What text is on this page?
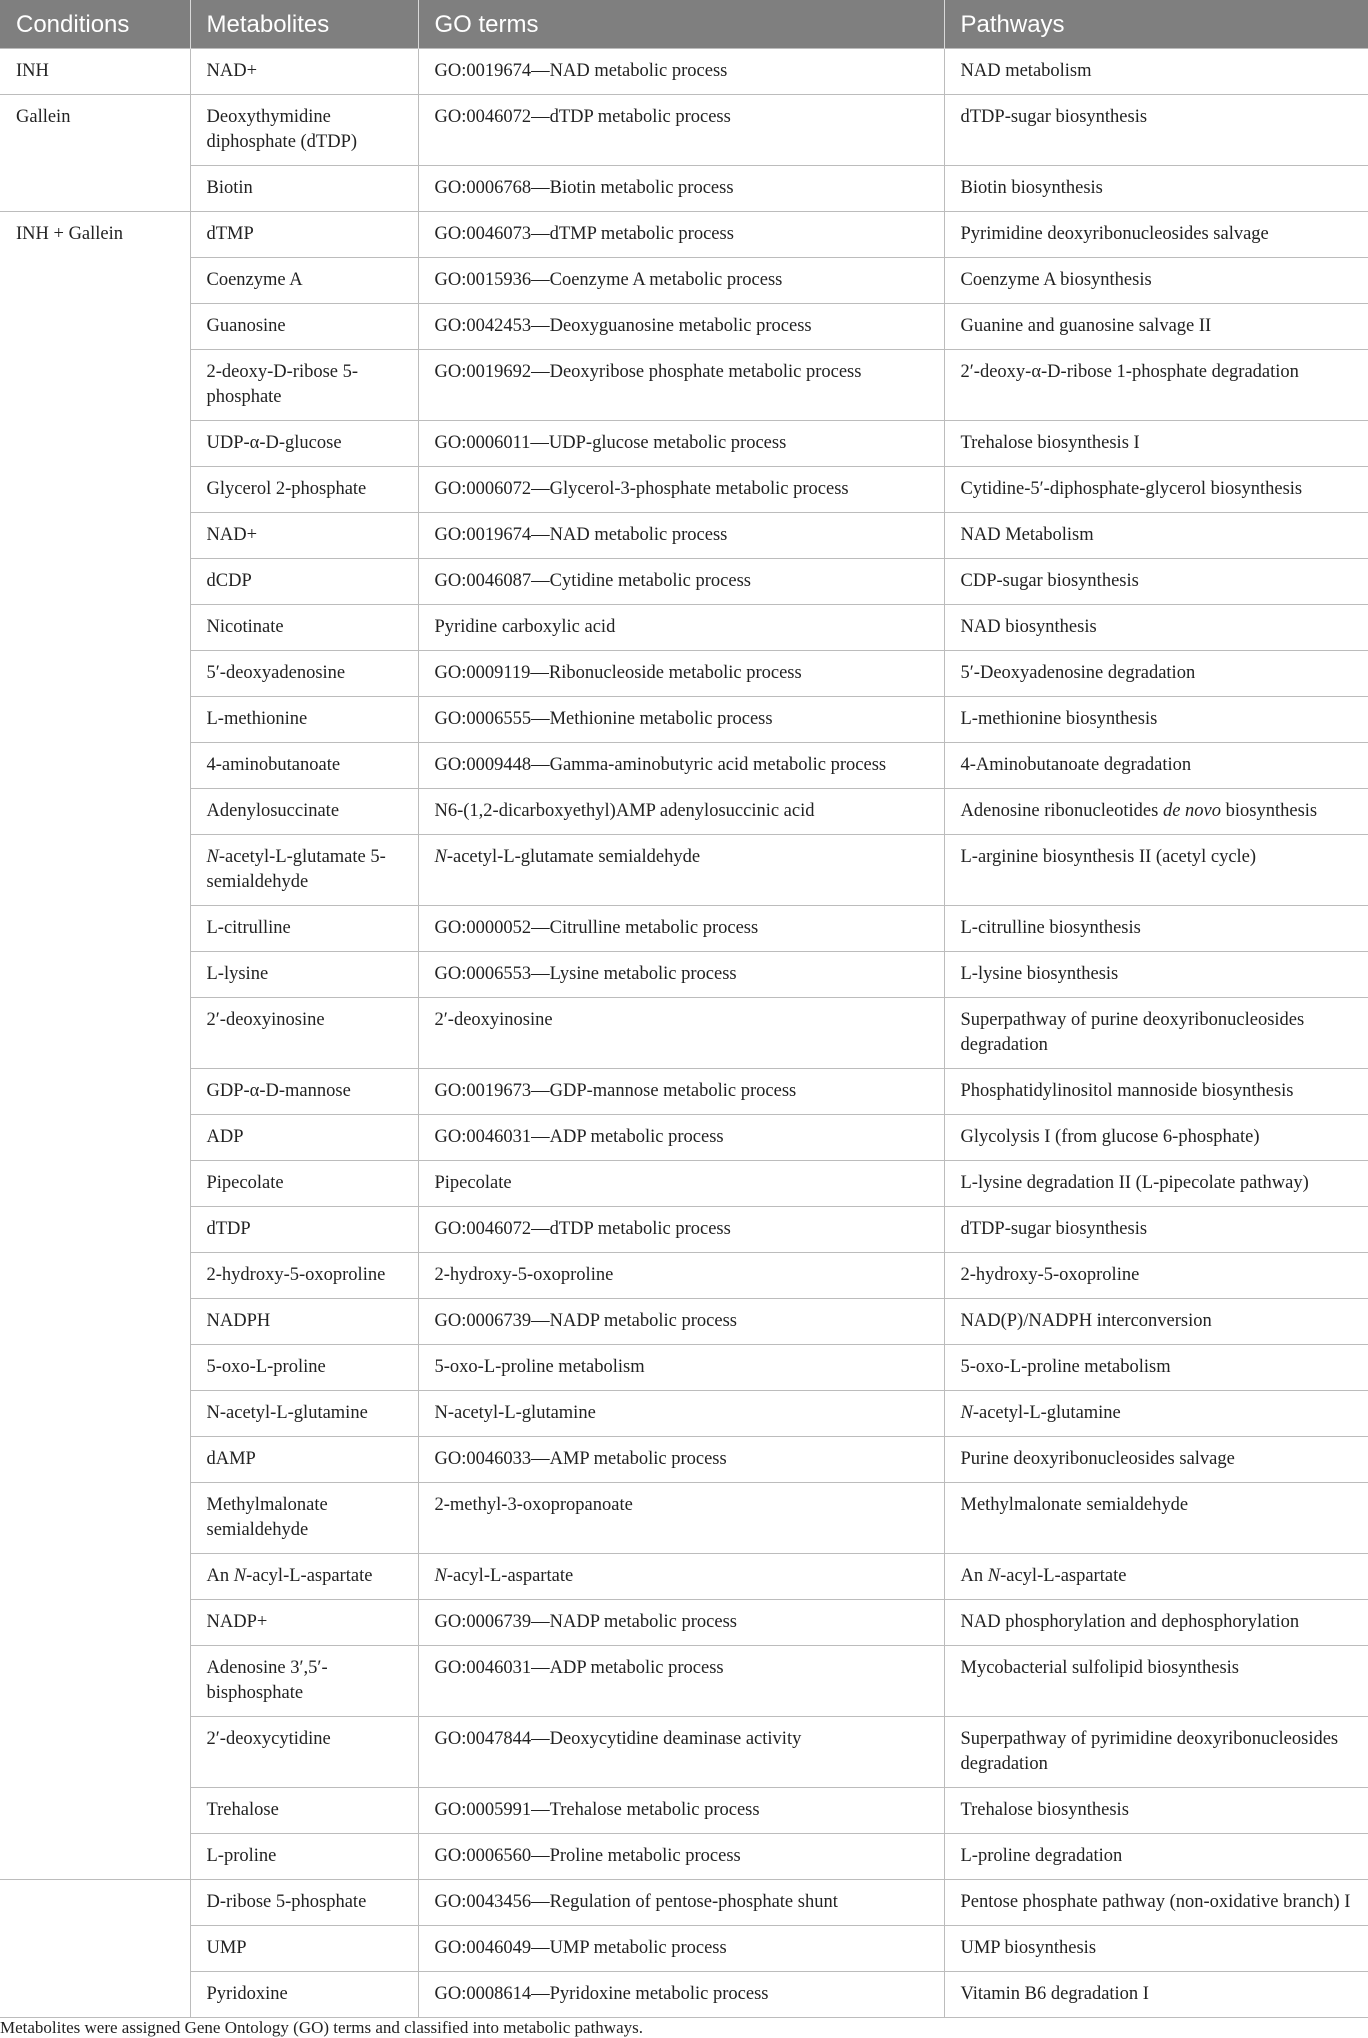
Conditions	Metabolites	GO terms	Pathways
INH	NAD+	GO:0019674—NAD metabolic process	NAD metabolism
Gallein	Deoxythymidine diphosphate (dTDP)	GO:0046072—dTDP metabolic process	dTDP-sugar biosynthesis
	Biotin	GO:0006768—Biotin metabolic process	Biotin biosynthesis
INH + Gallein	dTMP	GO:0046073—dTMP metabolic process	Pyrimidine deoxyribonucleosides salvage
	Coenzyme A	GO:0015936—Coenzyme A metabolic process	Coenzyme A biosynthesis
	Guanosine	GO:0042453—Deoxyguanosine metabolic process	Guanine and guanosine salvage II
	2-deoxy-D-ribose 5-phosphate	GO:0019692—Deoxyribose phosphate metabolic process	2′-deoxy-α-D-ribose 1-phosphate degradation
	UDP-α-D-glucose	GO:0006011—UDP-glucose metabolic process	Trehalose biosynthesis I
	Glycerol 2-phosphate	GO:0006072—Glycerol-3-phosphate metabolic process	Cytidine-5′-diphosphate-glycerol biosynthesis
	NAD+	GO:0019674—NAD metabolic process	NAD Metabolism
	dCDP	GO:0046087—Cytidine metabolic process	CDP-sugar biosynthesis
	Nicotinate	Pyridine carboxylic acid	NAD biosynthesis
	5′-deoxyadenosine	GO:0009119—Ribonucleoside metabolic process	5′-Deoxyadenosine degradation
	L-methionine	GO:0006555—Methionine metabolic process	L-methionine biosynthesis
	4-aminobutanoate	GO:0009448—Gamma-aminobutyric acid metabolic process	4-Aminobutanoate degradation
	Adenylosuccinate	N6-(1,2-dicarboxyethyl)AMP adenylosuccinic acid	Adenosine ribonucleotides de novo biosynthesis
	N-acetyl-L-glutamate 5-semialdehyde	N-acetyl-L-glutamate semialdehyde	L-arginine biosynthesis II (acetyl cycle)
	L-citrulline	GO:0000052—Citrulline metabolic process	L-citrulline biosynthesis
	L-lysine	GO:0006553—Lysine metabolic process	L-lysine biosynthesis
	2′-deoxyinosine	2′-deoxyinosine	Superpathway of purine deoxyribonucleosides degradation
	GDP-α-D-mannose	GO:0019673—GDP-mannose metabolic process	Phosphatidylinositol mannoside biosynthesis
	ADP	GO:0046031—ADP metabolic process	Glycolysis I (from glucose 6-phosphate)
	Pipecolate	Pipecolate	L-lysine degradation II (L-pipecolate pathway)
	dTDP	GO:0046072—dTDP metabolic process	dTDP-sugar biosynthesis
	2-hydroxy-5-oxoproline	2-hydroxy-5-oxoproline	2-hydroxy-5-oxoproline
	NADPH	GO:0006739—NADP metabolic process	NAD(P)/NADPH interconversion
	5-oxo-L-proline	5-oxo-L-proline metabolism	5-oxo-L-proline metabolism
	N-acetyl-L-glutamine	N-acetyl-L-glutamine	N-acetyl-L-glutamine
	dAMP	GO:0046033—AMP metabolic process	Purine deoxyribonucleosides salvage
	Methylmalonate semialdehyde	2-methyl-3-oxopropanoate	Methylmalonate semialdehyde
	An N-acyl-L-aspartate	N-acyl-L-aspartate	An N-acyl-L-aspartate
	NADP+	GO:0006739—NADP metabolic process	NAD phosphorylation and dephosphorylation
	Adenosine 3′,5′-bisphosphate	GO:0046031—ADP metabolic process	Mycobacterial sulfolipid biosynthesis
	2′-deoxycytidine	GO:0047844—Deoxycytidine deaminase activity	Superpathway of pyrimidine deoxyribonucleosides degradation
	Trehalose	GO:0005991—Trehalose metabolic process	Trehalose biosynthesis
	L-proline	GO:0006560—Proline metabolic process	L-proline degradation
	D-ribose 5-phosphate	GO:0043456—Regulation of pentose-phosphate shunt	Pentose phosphate pathway (non-oxidative branch) I
	UMP	GO:0046049—UMP metabolic process	UMP biosynthesis
	Pyridoxine	GO:0008614—Pyridoxine metabolic process	Vitamin B6 degradation I
Metabolites were assigned Gene Ontology (GO) terms and classified into metabolic pathways.
